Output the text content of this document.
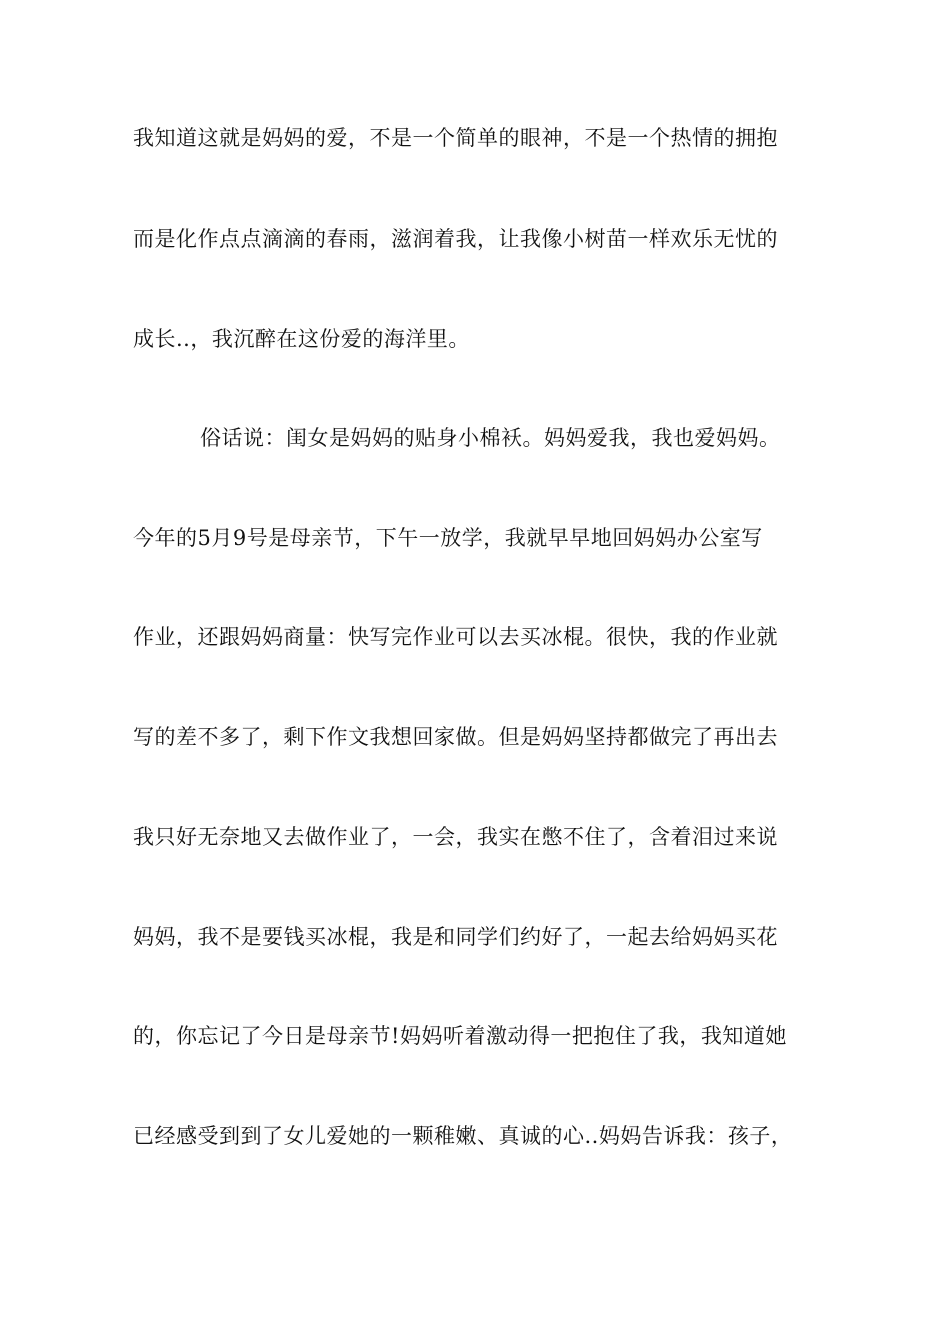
我知道这就是妈妈的爱，不是一个简单的眼神，不是一个热情的拥抱
而是化作点点滴滴的春雨，滋润着我，让我像小树苗一样欢乐无忧的
成长..，我沉醉在这份爱的海洋里。
俗话说：闺女是妈妈的贴身小棉袄。妈妈爱我，我也爱妈妈。
今年的5月9号是母亲节，下午一放学，我就早早地回妈妈办公室写
作业，还跟妈妈商量：快写完作业可以去买冰棍。很快，我的作业就
写的差不多了，剩下作文我想回家做。但是妈妈坚持都做完了再出去
我只好无奈地又去做作业了，一会，我实在憋不住了，含着泪过来说
妈妈，我不是要钱买冰棍，我是和同学们约好了，一起去给妈妈买花
的，你忘记了今日是母亲节!妈妈听着激动得一把抱住了我，我知道她
已经感受到到了女儿爱她的一颗稚嫩、真诚的心..妈妈告诉我：孩子，
